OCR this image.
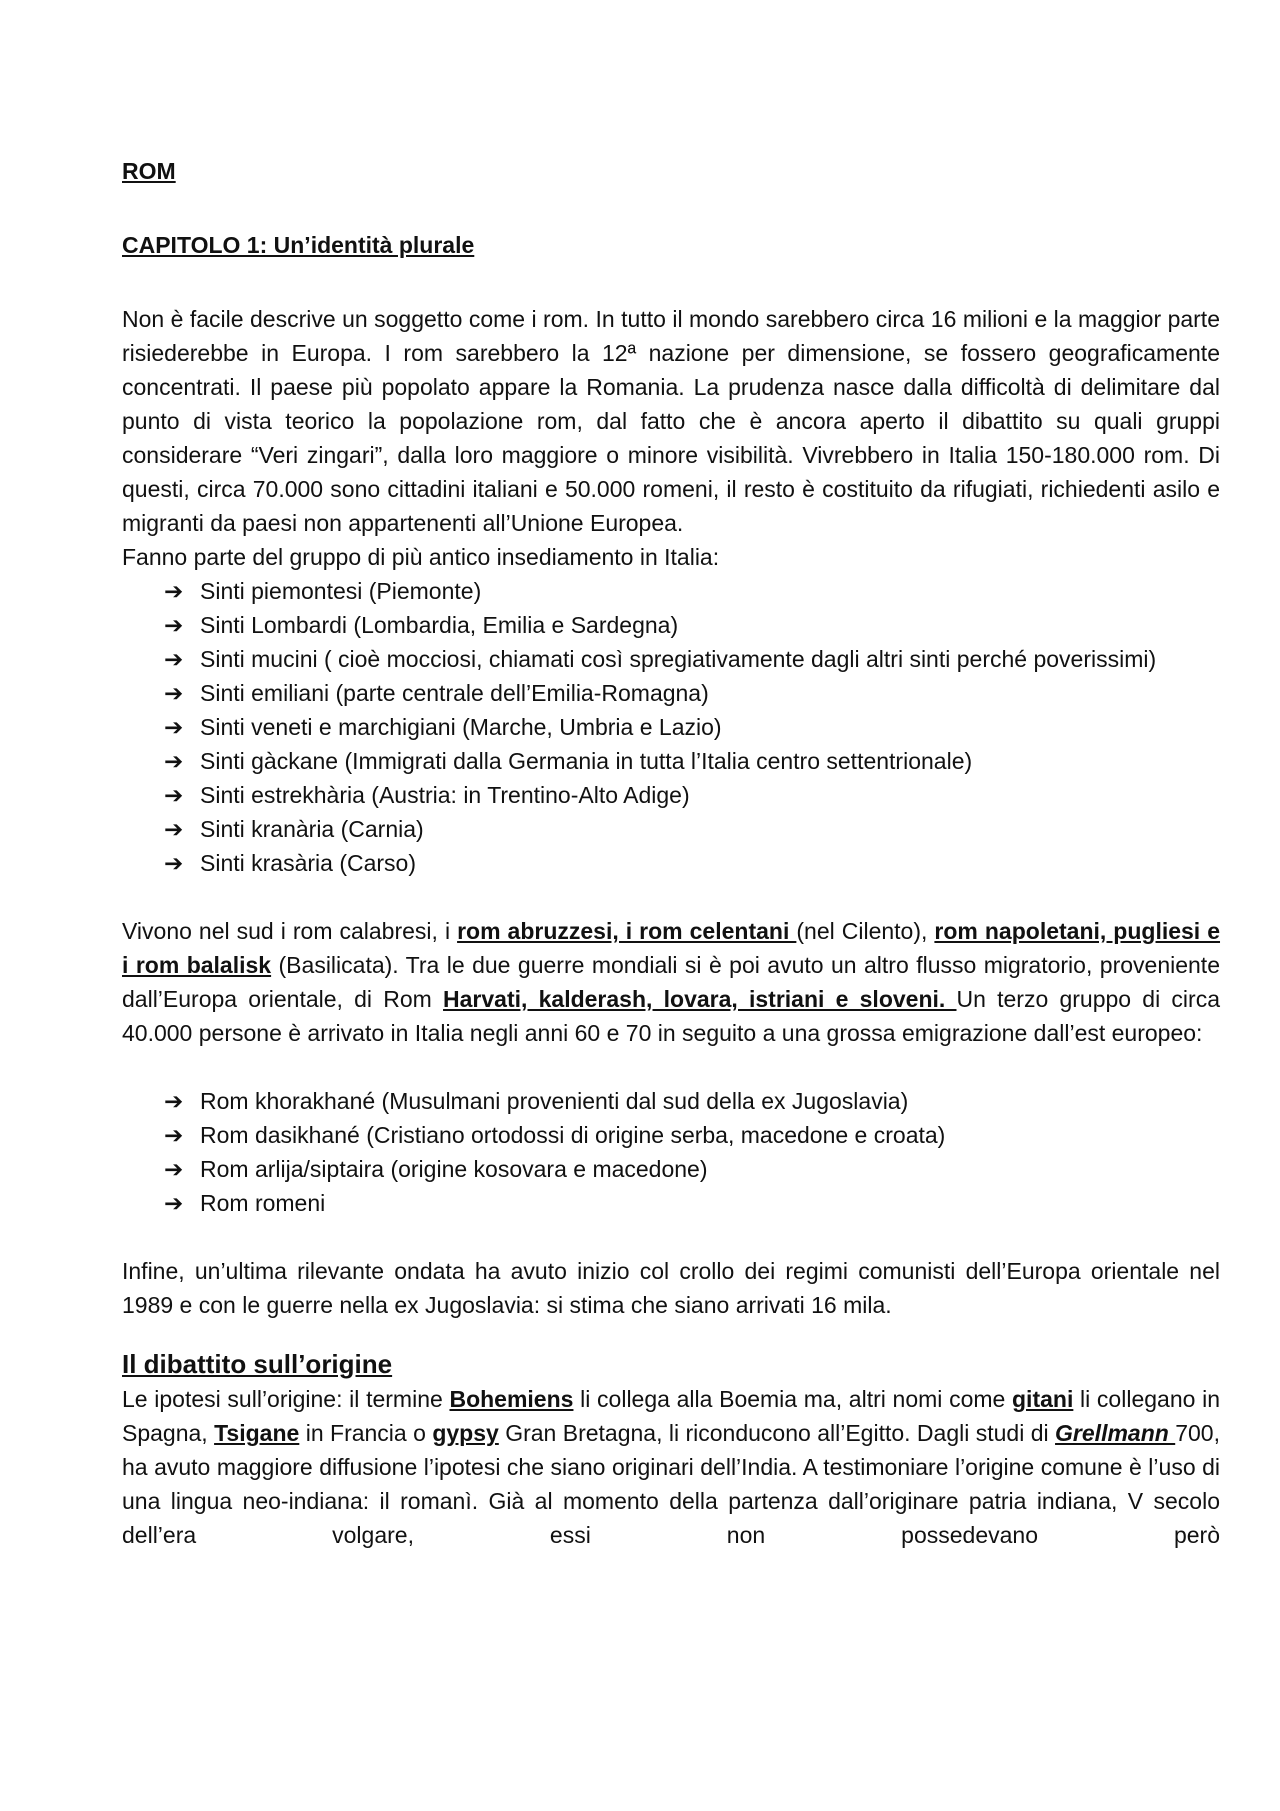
ROM
CAPITOLO 1: Un’identità plurale

Non è facile descrive un soggetto come i rom. In tutto il mondo sarebbero circa 16 milioni e la maggior parte risiederebbe in Europa. I rom sarebbero la 12ª nazione per dimensione, se fossero geograficamente concentrati. Il paese più popolato appare la Romania. La prudenza nasce dalla difficoltà di delimitare dal punto di vista teorico la popolazione rom, dal fatto che è ancora aperto il dibattito su quali gruppi considerare “Veri zingari”, dalla loro maggiore o minore visibilità. Vivrebbero in Italia 150-180.000 rom. Di questi, circa 70.000 sono cittadini italiani e 50.000 romeni, il resto è costituito da rifugiati, richiedenti asilo e migranti da paesi non appartenenti all’Unione Europea.

Fanno parte del gruppo di più antico insediamento in Italia:

➔ Sinti piemontesi (Piemonte)
➔ Sinti Lombardi (Lombardia, Emilia e Sardegna)
➔ Sinti mucini ( cioè mocciosi, chiamati così spregiativamente dagli altri sinti perché poverissimi)
➔ Sinti emiliani (parte centrale dell’Emilia-Romagna)
➔ Sinti veneti e marchigiani (Marche, Umbria e Lazio)
➔ Sinti gàckane (Immigrati dalla Germania in tutta l’Italia centro settentrionale)
➔ Sinti estrekhària (Austria: in Trentino-Alto Adige)
➔ Sinti kranària (Carnia)
➔ Sinti krasària (Carso)

Vivono nel sud i rom calabresi, i rom abruzzesi, i rom celentani (nel Cilento), rom napoletani, pugliesi e i rom balalisk (Basilicata). Tra le due guerre mondiali si è poi avuto un altro flusso migratorio, proveniente dall’Europa orientale, di Rom Harvati, kalderash, lovara, istriani e sloveni. Un terzo gruppo di circa 40.000 persone è arrivato in Italia negli anni 60 e 70 in seguito a una grossa emigrazione dall’est europeo:

➔ Rom khorakhané (Musulmani provenienti dal sud della ex Jugoslavia)
➔ Rom dasikhané (Cristiano ortodossi di origine serba, macedone e croata)
➔ Rom arlija/siptaira (origine kosovara e macedone)
➔ Rom romeni

Infine, un’ultima rilevante ondata ha avuto inizio col crollo dei regimi comunisti dell’Europa orientale nel 1989 e con le guerre nella ex Jugoslavia: si stima che siano arrivati 16 mila.

Il dibattito sull’origine

Le ipotesi sull’origine: il termine Bohemiens li collega alla Boemia ma, altri nomi come gitani li collegano in Spagna, Tsigane in Francia o gypsy Gran Bretagna, li riconducono all’Egitto. Dagli studi di Grellmann 700, ha avuto maggiore diffusione l’ipotesi che siano originari dell’India. A testimoniare l’origine comune è l’uso di una lingua neo-indiana: il romanì. Già al momento della partenza dall’originare patria indiana, V secolo dell’era volgare, essi non possedevano però
